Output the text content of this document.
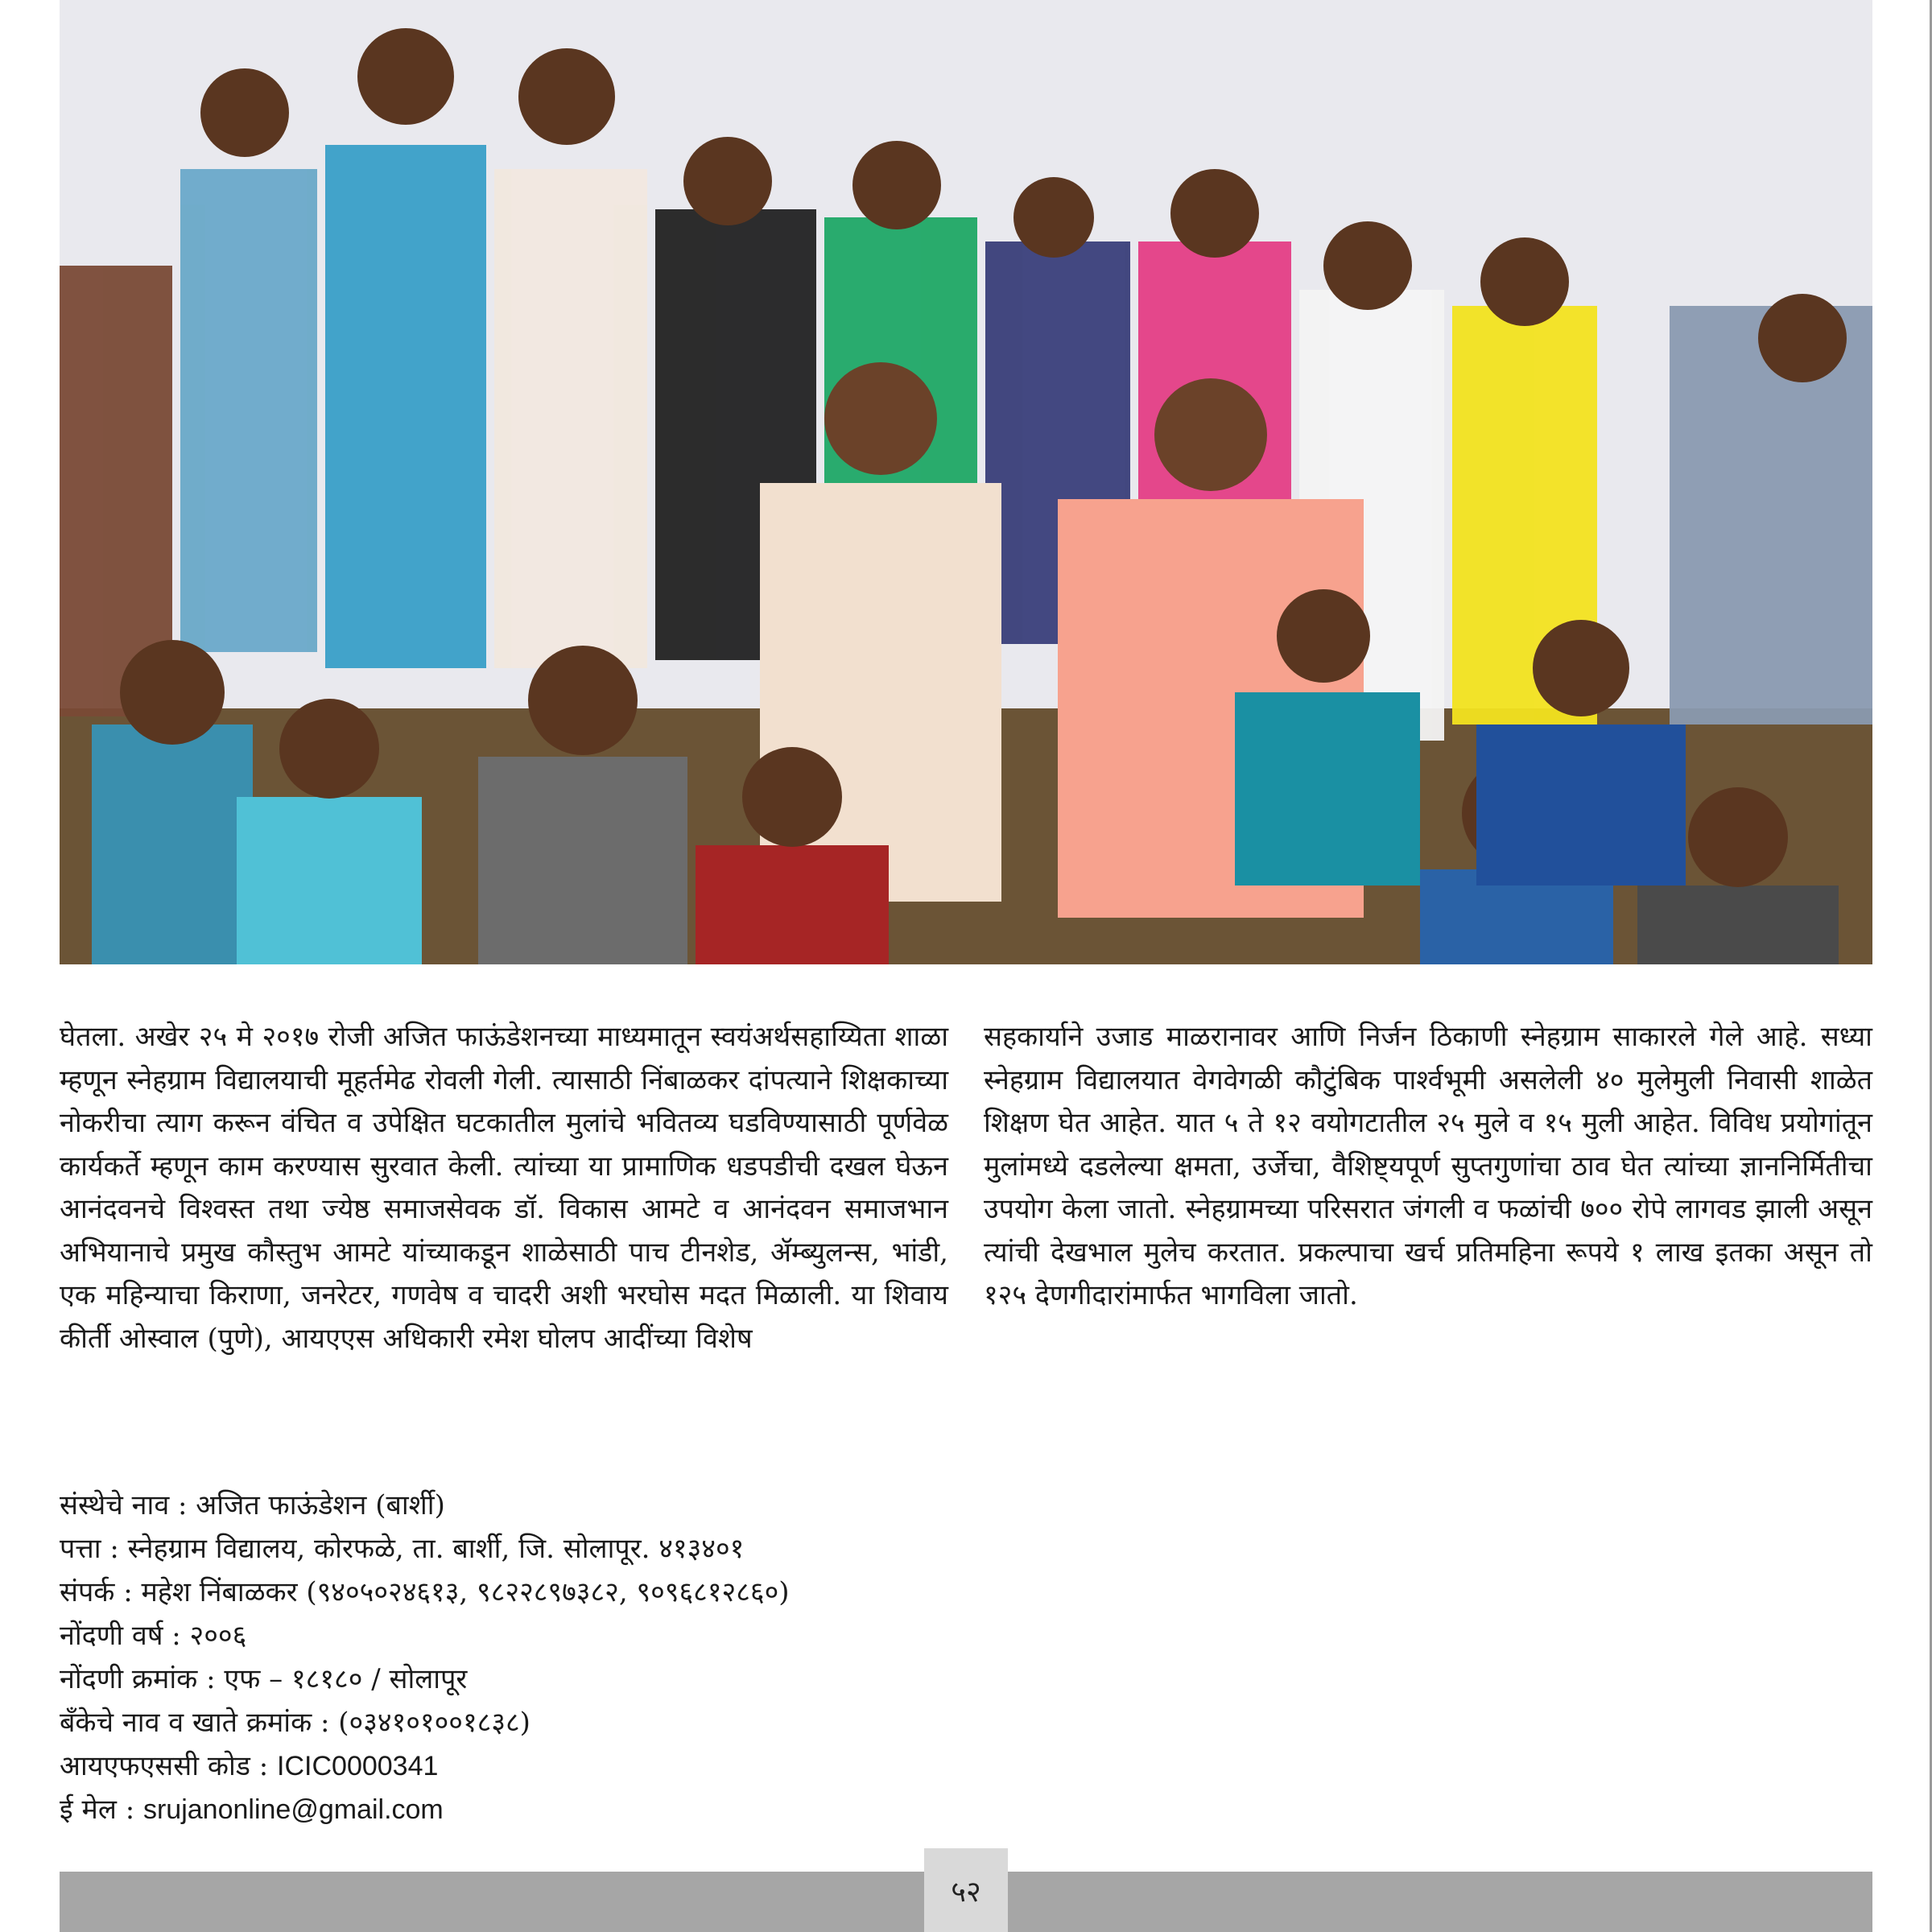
घेतला. अखेर २५ मे २०१७ रोजी अजित फाऊंडेशनच्या माध्यमातून स्वयंअर्थसहाय्यिता शाळा म्हणून स्नेहग्राम विद्यालयाची मूहर्तमेढ रोवली गेली. त्यासाठी निंबाळकर दांपत्याने शिक्षकाच्या नोकरीचा त्याग करून वंचित व उपेक्षित घटकातील मुलांचे भवितव्य घडविण्यासाठी पूर्णवेळ कार्यकर्ते म्हणून काम करण्यास सुरवात केली. त्यांच्या या प्रामाणिक धडपडीची दखल घेऊन आनंदवनचे विश्वस्त तथा ज्येष्ठ समाजसेवक डॉ. विकास आमटे व आनंदवन समाजभान अभियानाचे प्रमुख कौस्तुभ आमटे यांच्याकडून शाळेसाठी पाच टीनशेड, ॲम्ब्युलन्स, भांडी, एक महिन्याचा किराणा, जनरेटर, गणवेष व चादरी अशी भरघोस मदत मिळाली. या शिवाय कीर्ती ओस्वाल (पुणे), आयएएस अधिकारी रमेश घोलप आदींच्या विशेष

सहकार्याने उजाड माळरानावर आणि निर्जन ठिकाणी स्नेहग्राम साकारले गेले आहे. सध्या स्नेहग्राम विद्यालयात वेगवेगळी कौटुंबिक पार्श्वभूमी असलेली ४० मुलेमुली निवासी शाळेत शिक्षण घेत आहेत. यात ५ ते १२ वयोगटातील २५ मुले व १५ मुली आहेत. विविध प्रयोगांतून मुलांमध्ये दडलेल्या क्षमता, उर्जेचा, वैशिष्ट्यपूर्ण सुप्तगुणांचा ठाव घेत त्यांच्या ज्ञाननिर्मितीचा उपयोग केला जातो. स्नेहग्रामच्या परिसरात जंगली व फळांची ७०० रोपे लागवड झाली असून त्यांची देखभाल मुलेच करतात. प्रकल्पाचा खर्च प्रतिमहिना रूपये १ लाख इतका असून तो १२५ देणगीदारांमार्फत भागविला जातो.

संस्थेचे नाव : अजित फाऊंडेशन (बार्शी)
पत्ता : स्नेहग्राम विद्यालय, कोरफळे, ता. बार्शी, जि. सोलापूर. ४१३४०१
संपर्क : महेश निंबाळकर (९४०५०२४६१३, ९८२२८९७३८२, ९०९६८१२८६०)
नोंदणी वर्ष : २००६
नोंदणी क्रमांक : एफ – १८१८० / सोलापूर
बँकेचे नाव व खाते क्रमांक : (०३४१०१००१८३८)
आयएफएससी कोड : ICIC0000341
ई मेल : srujanonline@gmail.com
५२
